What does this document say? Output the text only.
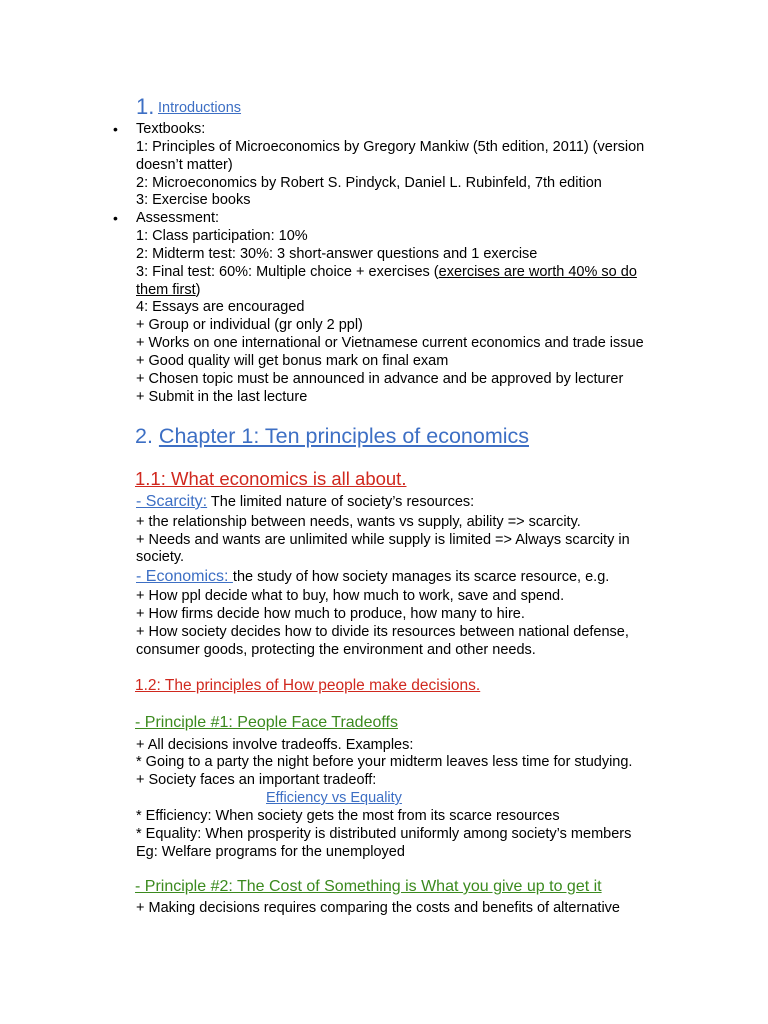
1. Introductions
• Textbooks:
1: Principles of Microeconomics by Gregory Mankiw (5th edition, 2011) (version
doesn’t matter)
2: Microeconomics by Robert S. Pindyck, Daniel L. Rubinfeld, 7th edition
3: Exercise books
• Assessment:
1: Class participation: 10%
2: Midterm test: 30%: 3 short-answer questions and 1 exercise
3: Final test: 60%: Multiple choice + exercises (exercises are worth 40% so do
them first)
4: Essays are encouraged
+ Group or individual (gr only 2 ppl)
+ Works on one international or Vietnamese current economics and trade issue
+ Good quality will get bonus mark on final exam
+ Chosen topic must be announced in advance and be approved by lecturer
+ Submit in the last lecture
2. Chapter 1: Ten principles of economics
1.1: What economics is all about.
- Scarcity: The limited nature of society’s resources:
+ the relationship between needs, wants vs supply, ability => scarcity.
+ Needs and wants are unlimited while supply is limited => Always scarcity in
society.
- Economics: the study of how society manages its scarce resource, e.g.
+ How ppl decide what to buy, how much to work, save and spend.
+ How firms decide how much to produce, how many to hire.
+ How society decides how to divide its resources between national defense,
consumer goods, protecting the environment and other needs.
1.2: The principles of How people make decisions.
- Principle #1: People Face Tradeoffs
+ All decisions involve tradeoffs. Examples:
* Going to a party the night before your midterm leaves less time for studying.
+ Society faces an important tradeoff:
Efficiency vs Equality
* Efficiency: When society gets the most from its scarce resources
* Equality: When prosperity is distributed uniformly among society’s members
Eg: Welfare programs for the unemployed
- Principle #2: The Cost of Something is What you give up to get it
+ Making decisions requires comparing the costs and benefits of alternative
